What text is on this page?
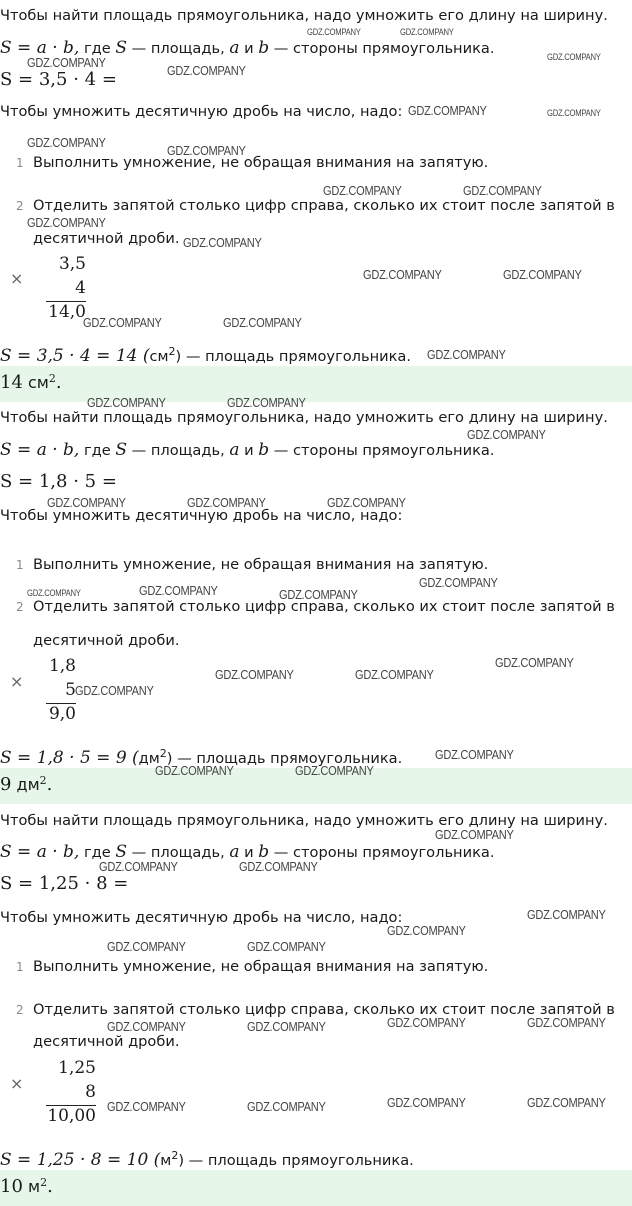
Чтобы найти площадь прямоугольника, надо умножить его длину на ширину.
S = a · b, где S — площадь, a и b — стороны прямоугольника.
S = 3,5 · 4 =
Чтобы умножить десятичную дробь на число, надо:
1 Выполнить умножение, не обращая внимания на запятую.
2 Отделить запятой столько цифр справа, сколько их стоит после запятой в
десятичной дроби.
×
3,5
4
14,0
S = 3,5 · 4 = 14 $(см^2)$ — площадь прямоугольника.
14 $см^2$.
Чтобы найти площадь прямоугольника, надо умножить его длину на ширину.
S = a · b, где S — площадь, a и b — стороны прямоугольника.
S = 1,8 · 5 =
Чтобы умножить десятичную дробь на число, надо:
1 Выполнить умножение, не обращая внимания на запятую.
2 Отделить запятой столько цифр справа, сколько их стоит после запятой в
десятичной дроби.
×
1,8
5
9,0
S = 1,8 · 5 = 9 $(дм^2)$ — площадь прямоугольника.
9 $дм^2$.
Чтобы найти площадь прямоугольника, надо умножить его длину на ширину.
S = a · b, где S — площадь, a и b — стороны прямоугольника.
S = 1,25 · 8 =
Чтобы умножить десятичную дробь на число, надо:
1 Выполнить умножение, не обращая внимания на запятую.
2 Отделить запятой столько цифр справа, сколько их стоит после запятой в
десятичной дроби.
×
1,25
8
10,00
S = 1,25 · 8 = 10 $(м^2)$ — площадь прямоугольника.
10 $м^2$.
GDZ.COMPANY	GDZ.COMPANY
GDZ.COMPANY
GDZ.COMPANY
GDZ.COMPANY
GDZ.COMPANY	GDZ.COMPANY
GDZ.COMPANY
GDZ.COMPANY
GDZ.COMPANY	GDZ.COMPANY
GDZ.COMPANY
GDZ.COMPANY
GDZ.COMPANY	GDZ.COMPANY
GDZ.COMPANY	GDZ.COMPANY
GDZ.COMPANY
GDZ.COMPANY	GDZ.COMPANY
GDZ.COMPANY
GDZ.COMPANY	GDZ.COMPANY	GDZ.COMPANY
GDZ.COMPANY	GDZ.COMPANY	GDZ.COMPANY
GDZ.COMPANY
GDZ.COMPANY
GDZ.COMPANY	GDZ.COMPANY
GDZ.COMPANY
GDZ.COMPANY
GDZ.COMPANY	GDZ.COMPANY
GDZ.COMPANY
GDZ.COMPANY	GDZ.COMPANY
GDZ.COMPANY
GDZ.COMPANY
GDZ.COMPANY	GDZ.COMPANY
GDZ.COMPANY	GDZ.COMPANY
GDZ.COMPANY	GDZ.COMPANY
GDZ.COMPANY	GDZ.COMPANY
GDZ.COMPANY	GDZ.COMPANY
